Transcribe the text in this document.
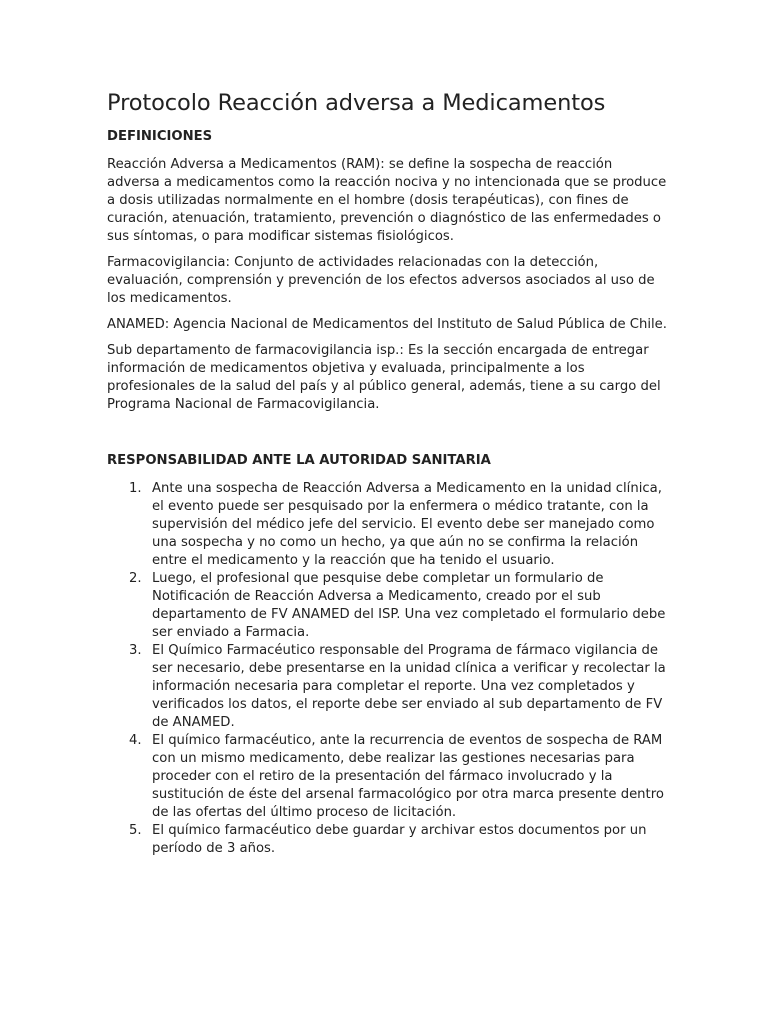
Protocolo Reacción adversa a Medicamentos
DEFINICIONES

Reacción Adversa a Medicamentos (RAM): se define la sospecha de reacción adversa a medicamentos como la reacción nociva y no intencionada que se produce a dosis utilizadas normalmente en el hombre (dosis terapéuticas), con fines de curación, atenuación, tratamiento, prevención o diagnóstico de las enfermedades o sus síntomas, o para modificar sistemas fisiológicos.

Farmacovigilancia: Conjunto de actividades relacionadas con la detección, evaluación, comprensión y prevención de los efectos adversos asociados al uso de los medicamentos.

ANAMED: Agencia Nacional de Medicamentos del Instituto de Salud Pública de Chile.

Sub departamento de farmacovigilancia isp.: Es la sección encargada de entregar información de medicamentos objetiva y evaluada, principalmente a los profesionales de la salud del país y al público general, además, tiene a su cargo del Programa Nacional de Farmacovigilancia.

RESPONSABILIDAD ANTE LA AUTORIDAD SANITARIA
1. Ante una sospecha de Reacción Adversa a Medicamento en la unidad clínica, el evento puede ser pesquisado por la enfermera o médico tratante, con la supervisión del médico jefe del servicio. El evento debe ser manejado como una sospecha y no como un hecho, ya que aún no se confirma la relación entre el medicamento y la reacción que ha tenido el usuario.
2. Luego, el profesional que pesquise debe completar un formulario de Notificación de Reacción Adversa a Medicamento, creado por el sub departamento de FV ANAMED del ISP. Una vez completado el formulario debe ser enviado a Farmacia.
3. El Químico Farmacéutico responsable del Programa de fármaco vigilancia de ser necesario, debe presentarse en la unidad clínica a verificar y recolectar la información necesaria para completar el reporte. Una vez completados y verificados los datos, el reporte debe ser enviado al sub departamento de FV de ANAMED.
4. El químico farmacéutico, ante la recurrencia de eventos de sospecha de RAM con un mismo medicamento, debe realizar las gestiones necesarias para proceder con el retiro de la presentación del fármaco involucrado y la sustitución de éste del arsenal farmacológico por otra marca presente dentro de las ofertas del último proceso de licitación.
5. El químico farmacéutico debe guardar y archivar estos documentos por un período de 3 años.
